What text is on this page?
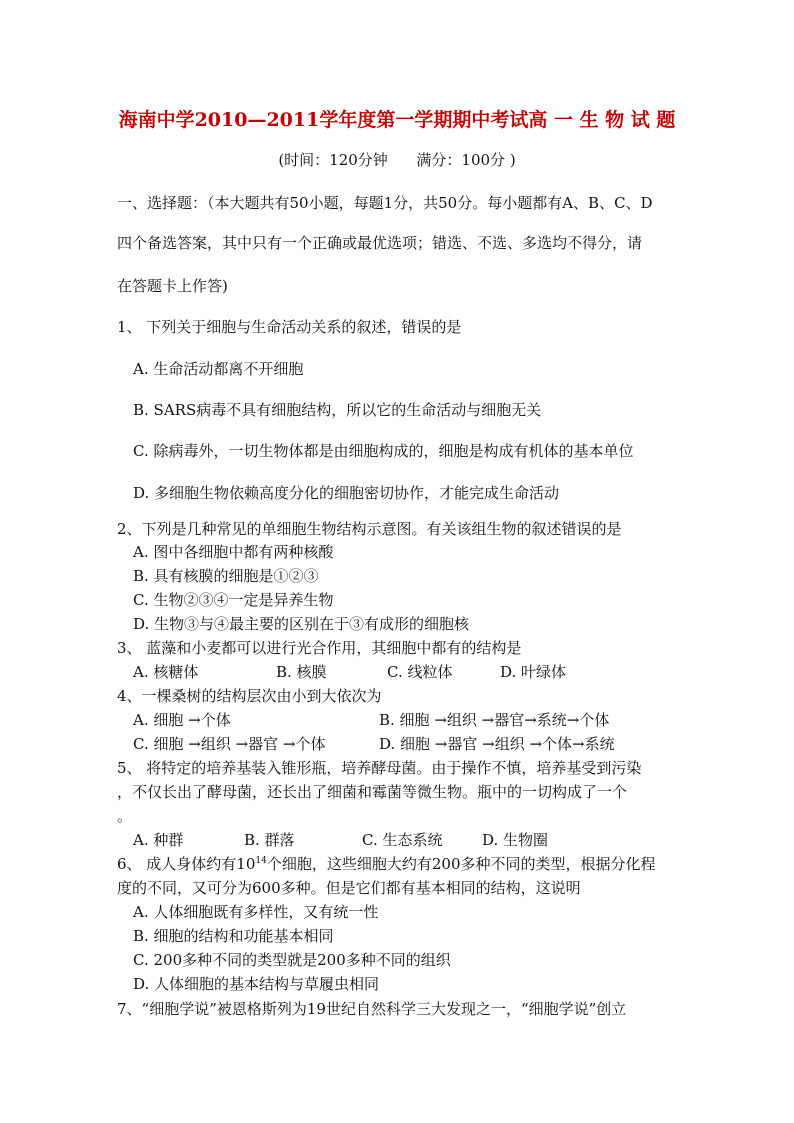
海南中学2010—2011学年度第一学期期中考试高 一 生 物 试 题
(时间：120分钟      满分：100分 )
一、选择题：（本大题共有50小题，每题1分，共50分。每小题都有A、B、C、D
四个备选答案，其中只有一个正确或最优选项；错选、不选、多选均不得分，请
在答题卡上作答)
1、 下列关于细胞与生命活动关系的叙述，错误的是
A. 生命活动都离不开细胞
B. SARS病毒不具有细胞结构，所以它的生命活动与细胞无关
C. 除病毒外，一切生物体都是由细胞构成的，细胞是构成有机体的基本单位
D. 多细胞生物依赖高度分化的细胞密切协作，才能完成生命活动
2、下列是几种常见的单细胞生物结构示意图。有关该组生物的叙述错误的是
A. 图中各细胞中都有两种核酸
B. 具有核膜的细胞是①②③
C. 生物②③④一定是异养生物
D. 生物③与④最主要的区别在于③有成形的细胞核
3、 蓝藻和小麦都可以进行光合作用，其细胞中都有的结构是
A. 核糖体	B. 核膜	C. 线粒体	D. 叶绿体
4、一棵桑树的结构层次由小到大依次为
A. 细胞 →个体	B. 细胞 →组织 →器官→系统→个体
C. 细胞 →组织 →器官 →个体	D. 细胞 →器官 →组织 →个体→系统
5、 将特定的培养基装入锥形瓶，培养酵母菌。由于操作不慎，培养基受到污染
，不仅长出了酵母菌，还长出了细菌和霉菌等微生物。瓶中的一切构成了一个
。
A. 种群	B. 群落	C. 生态系统	D. 生物圈
6、 成人身体约有$10^{14}$个细胞，这些细胞大约有200多种不同的类型，根据分化程
度的不同，又可分为600多种。但是它们都有基本相同的结构，这说明
A. 人体细胞既有多样性，又有统一性
B. 细胞的结构和功能基本相同
C. 200多种不同的类型就是200多种不同的组织
D. 人体细胞的基本结构与草履虫相同
7、“细胞学说”被恩格斯列为19世纪自然科学三大发现之一，“细胞学说”创立
